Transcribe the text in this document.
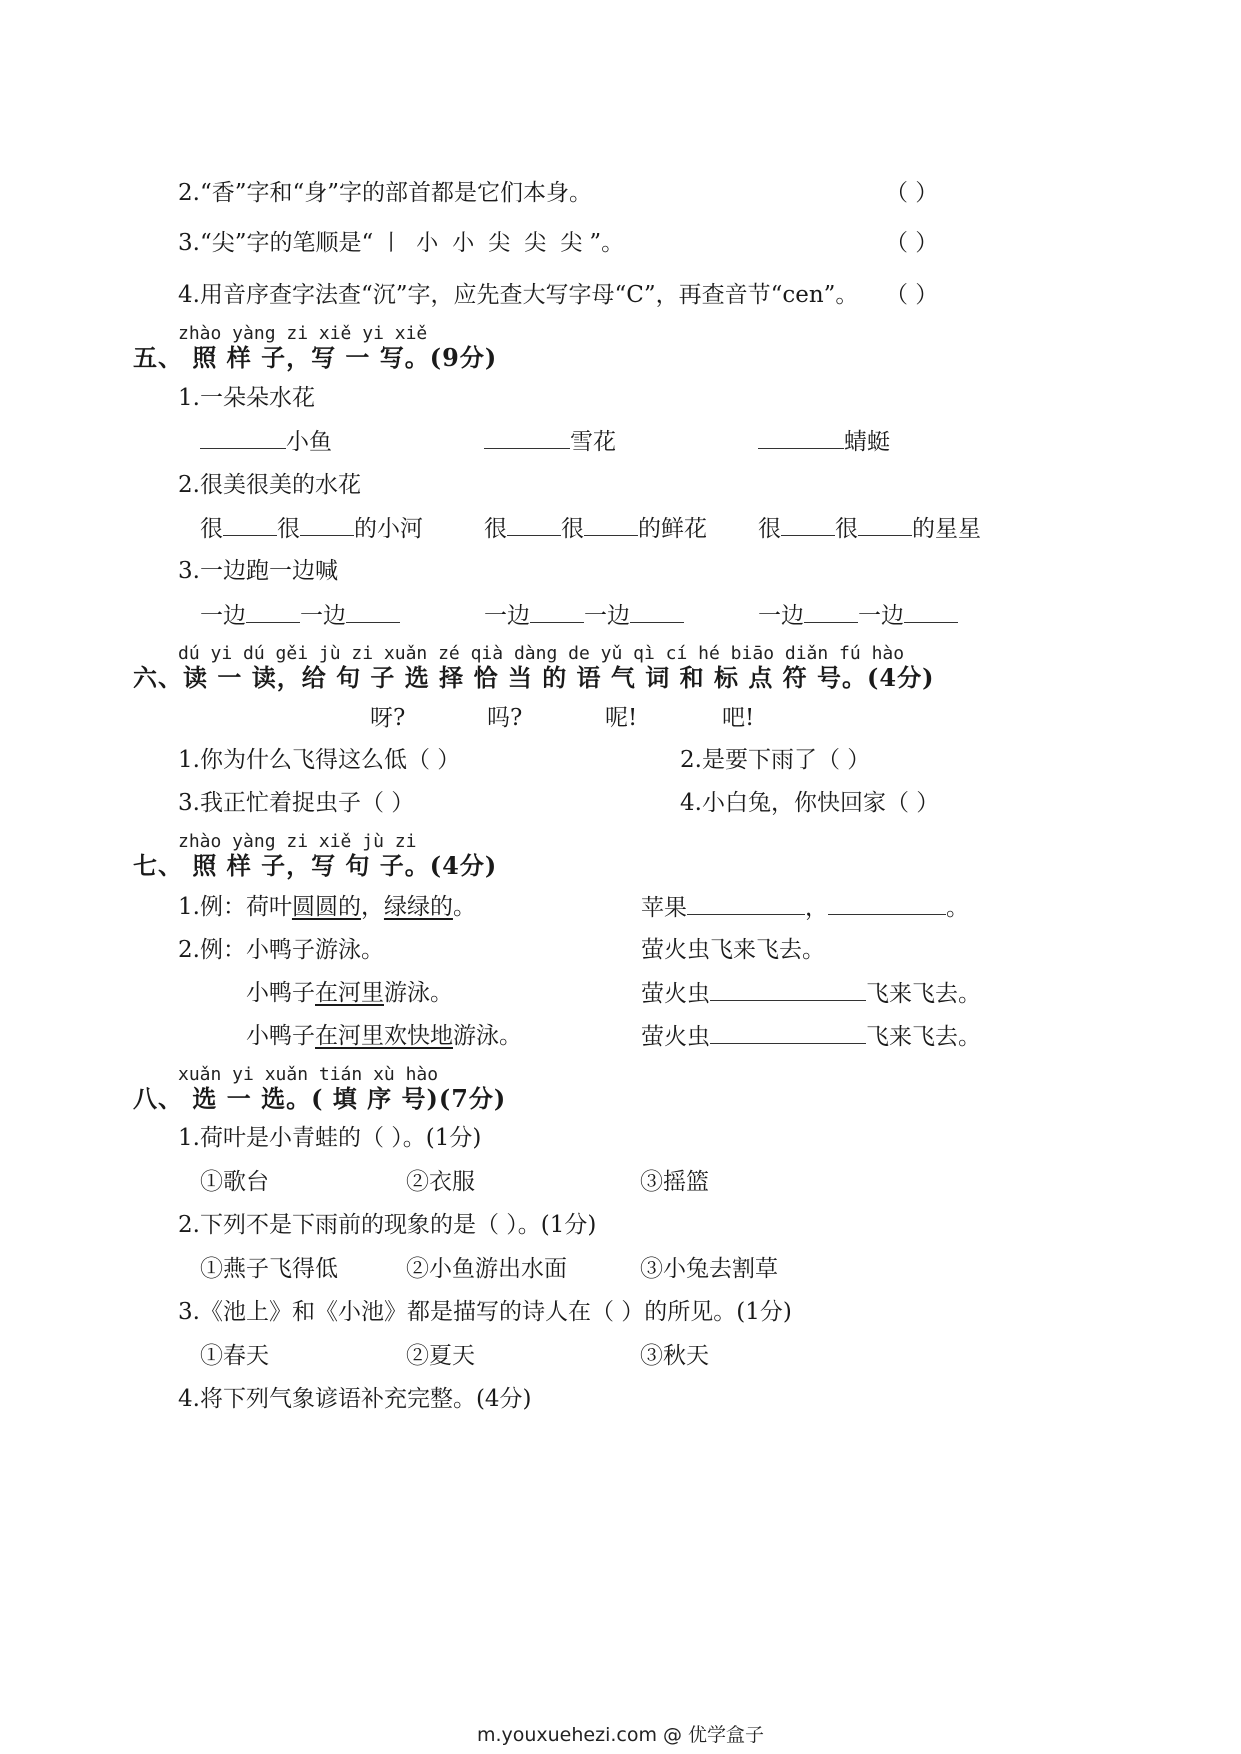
2.“香”字和“身”字的部首都是它们本身。	（ ）
3.“尖”字的笔顺是“ 丨 小 小 尖 尖 尖 ”。	（ ）
4.用音序查字法查“沉”字，应先查大写字母“C”，再查音节“cen”。 （ ）
zhào yàng zi xiě yi xiě
五、 照 样 子，写 一 写。(9分)
1.一朵朵水花
小鱼	雪花	蜻蜓
2.很美很美的水花
很 很 的小河	很 很 的鲜花 很 很 的星星
3.一边跑一边喊
一边 一边	一边 一边	一边 一边
dú yi dú gěi jù zi xuǎn zé qià dàng de yǔ qì cí hé biāo diǎn fú hào
六、读 一 读，给 句 子 选 择 恰 当 的 语 气 词 和 标 点 符 号。(4分)
呀?	吗?	呢!	吧!
1.你为什么飞得这么低（ ）	2.是要下雨了（ ）
3.我正忙着捉虫子（ ）	4.小白兔，你快回家（ ）
zhào yàng zi xiě jù zi
七、 照 样 子，写 句 子。(4分)
1.例：荷叶圆圆的，绿绿的。	苹果	，	。
2.例：小鸭子游泳。	萤火虫飞来飞去。
小鸭子在河里游泳。	萤火虫	飞来飞去。
小鸭子在河里欢快地游泳。	萤火虫	飞来飞去。
xuǎn yi xuǎn tián xù hào
八、 选 一 选。( 填 序 号)(7分)
1.荷叶是小青蛙的（ ）。(1分)
①歌台	②衣服	③摇篮
2.下列不是下雨前的现象的是（ ）。(1分)
①燕子飞得低	②小鱼游出水面	③小兔去割草
3.《池上》和《小池》都是描写的诗人在（ ）的所见。(1分)
①春天	②夏天	③秋天
4.将下列气象谚语补充完整。(4分)
m.youxuehezi.com @ 优学盒子
